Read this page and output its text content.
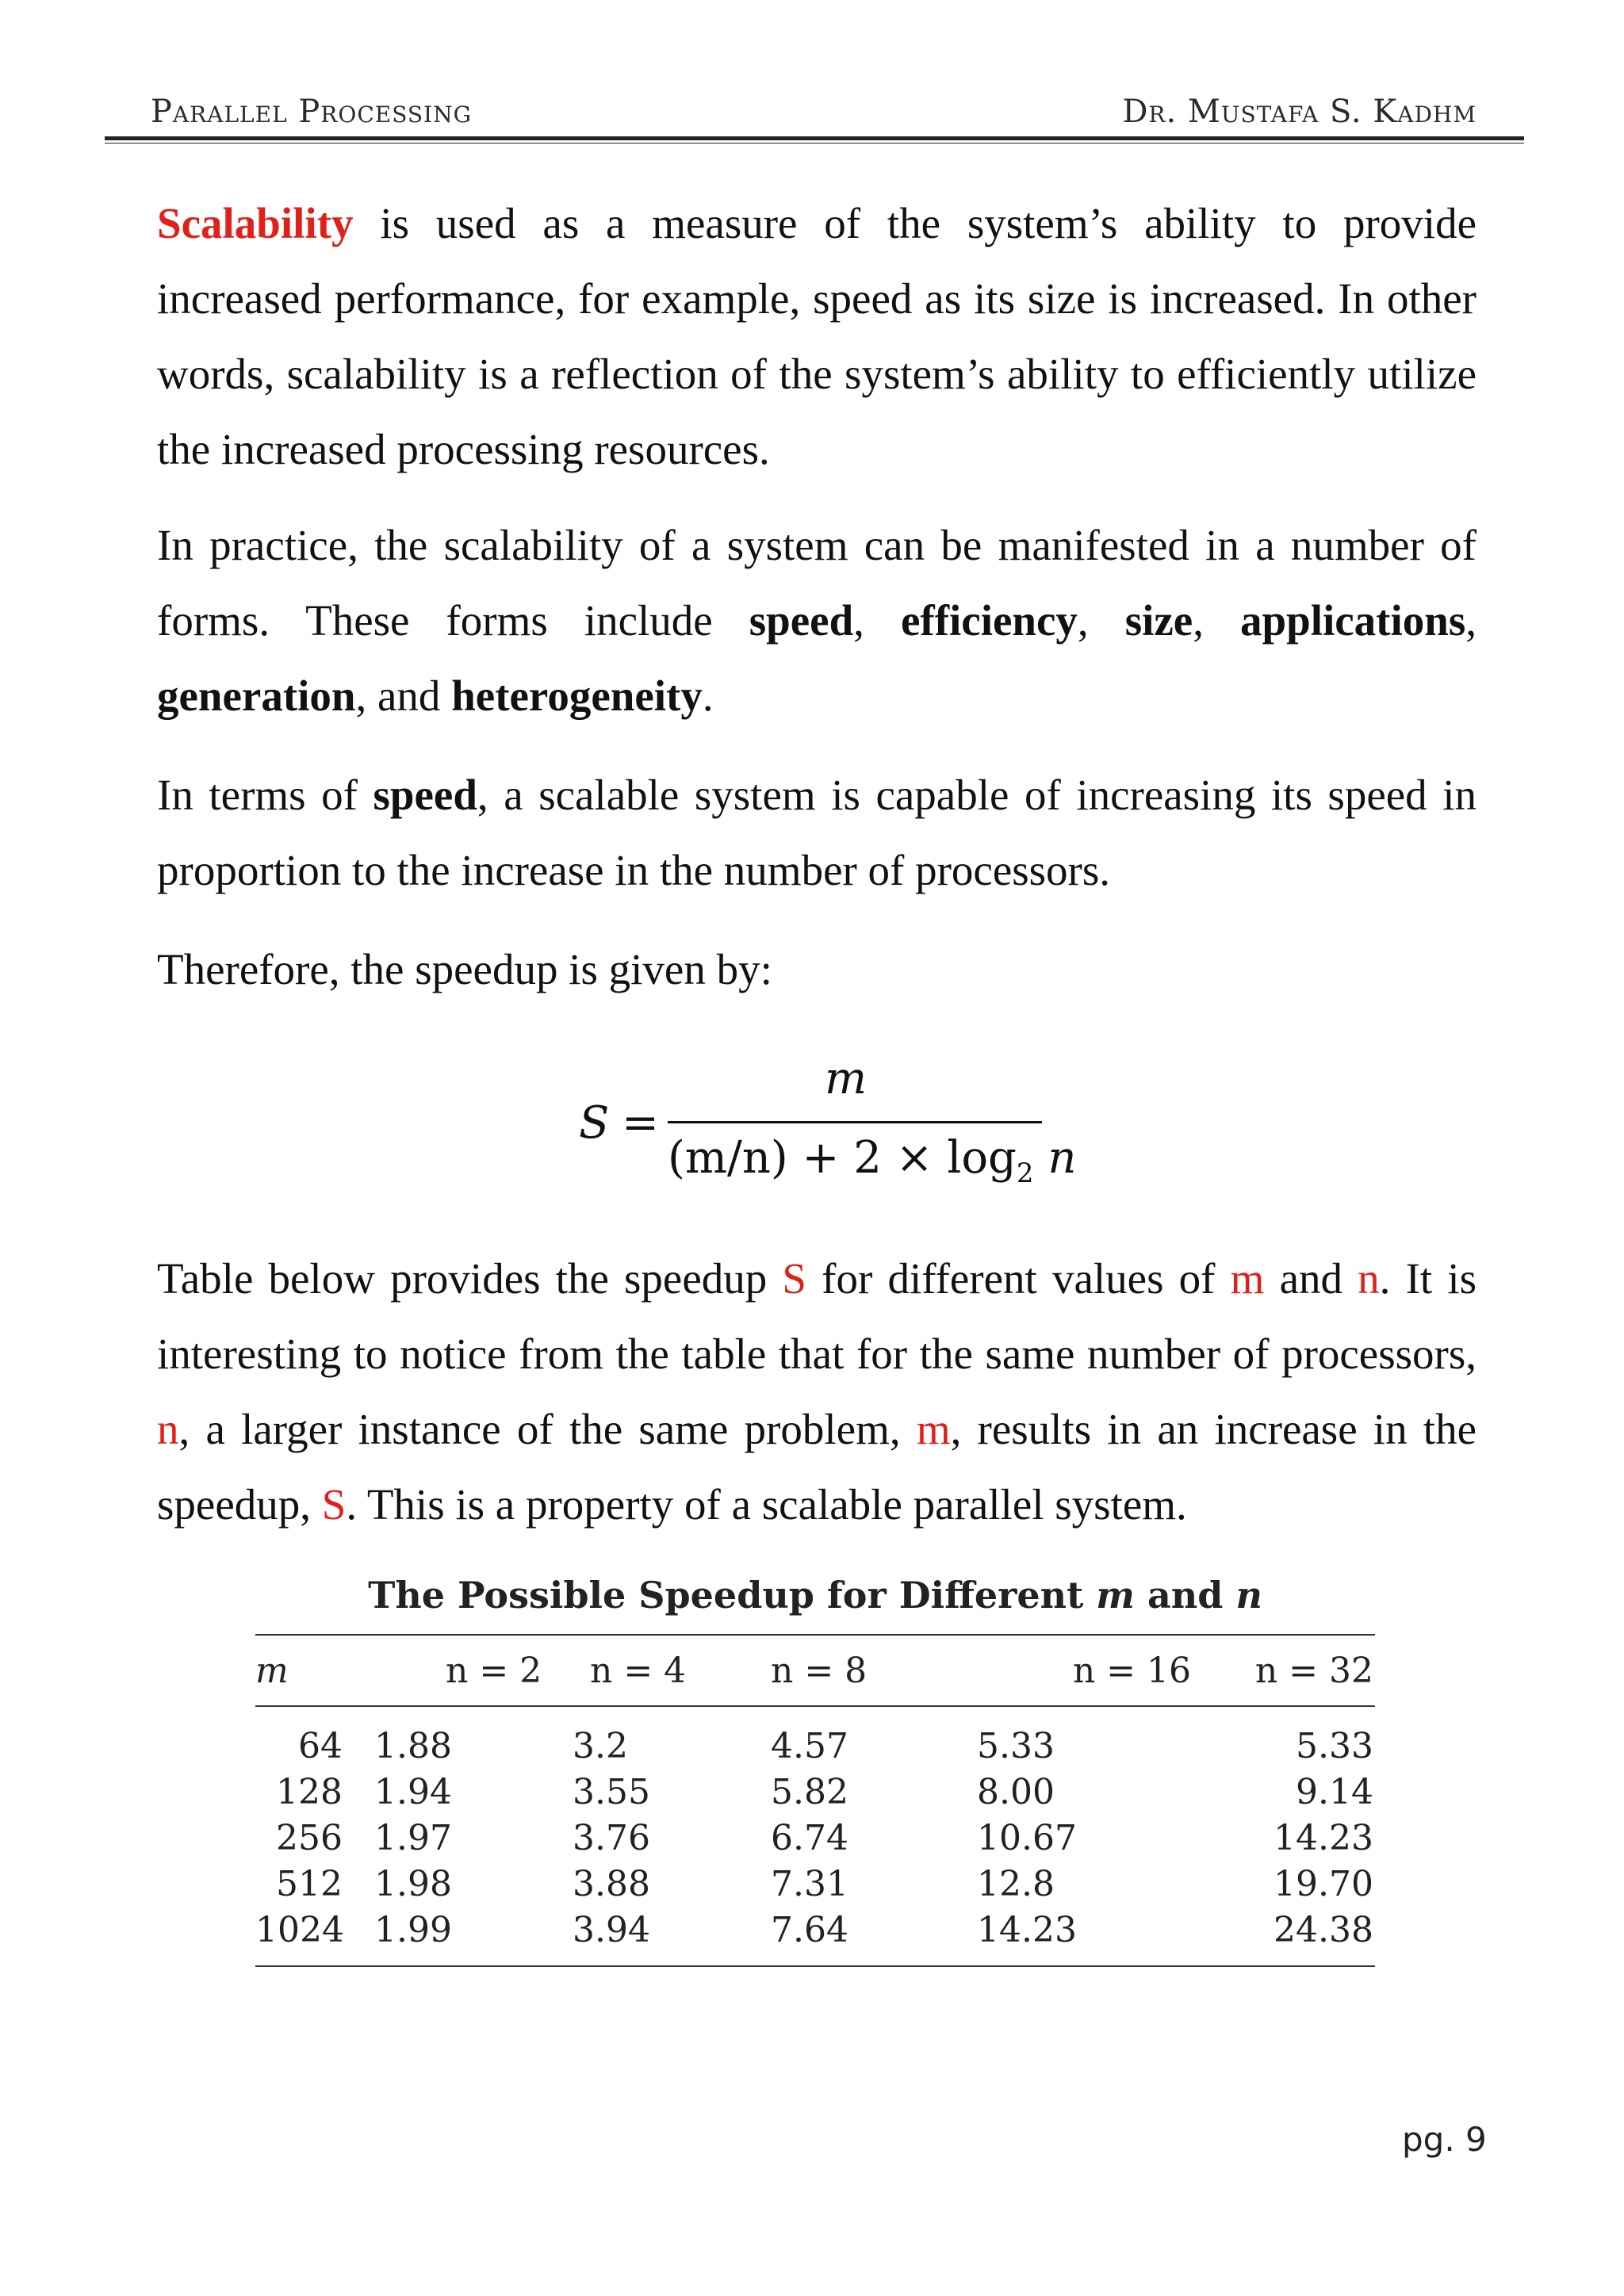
Parallel Processing	Dr. Mustafa S. Kadhm

Scalability is used as a measure of the system’s ability to provide increased performance, for example, speed as its size is increased. In other words, scalability is a reflection of the system’s ability to efficiently utilize the increased processing resources.

In practice, the scalability of a system can be manifested in a number of forms. These forms include speed, efficiency, size, applications, generation, and heterogeneity.

In terms of speed, a scalable system is capable of increasing its speed in proportion to the increase in the number of processors.

Therefore, the speedup is given by:

S =
m
$(m/n) + 2 \times \log_2 n$

Table below provides the speedup S for different values of m and n. It is interesting to notice from the table that for the same number of processors, n, a larger instance of the same problem, m, results in an increase in the speedup, S. This is a property of a scalable parallel system.

The Possible Speedup for Different m and n
m	n = 2	n = 4	n = 8	n = 16	n = 32
64 1.88	3.2	4.57	5.33	5.33
128 1.94	3.55	5.82	8.00	9.14
256 1.97	3.76	6.74	10.67	14.23
512 1.98	3.88	7.31	12.8	19.70
1024 1.99	3.94	7.64	14.23	24.38
pg. 9
